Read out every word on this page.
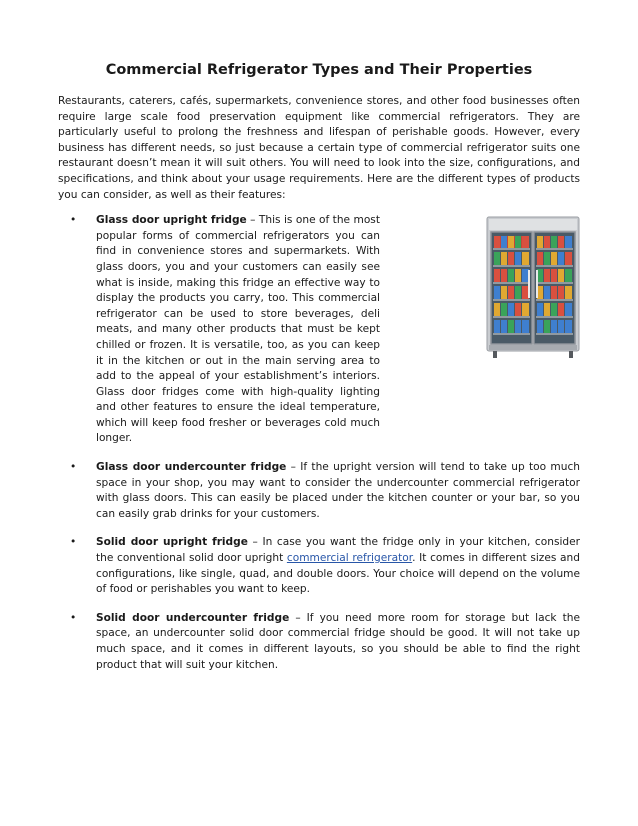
Commercial Refrigerator Types and Their Properties

Restaurants, caterers, cafés, supermarkets, convenience stores, and other food businesses often require large scale food preservation equipment like commercial refrigerators. They are particularly useful to prolong the freshness and lifespan of perishable goods. However, every business has different needs, so just because a certain type of commercial refrigerator suits one restaurant doesn’t mean it will suit others. You will need to look into the size, configurations, and specifications, and think about your usage requirements. Here are the different types of products you can consider, as well as their features:

• Glass door upright fridge – This is one of the most popular forms of commercial refrigerators you can find in convenience stores and supermarkets. With glass doors, you and your customers can easily see what is inside, making this fridge an effective way to display the products you carry, too. This commercial refrigerator can be used to store beverages, deli meats, and many other products that must be kept chilled or frozen. It is versatile, too, as you can keep it in the kitchen or out in the main serving area to add to the appeal of your establishment’s interiors. Glass door fridges come with high-quality lighting and other features to ensure the ideal temperature, which will keep food fresher or beverages cold much longer.
• Glass door undercounter fridge – If the upright version will tend to take up too much space in your shop, you may want to consider the undercounter commercial refrigerator with glass doors. This can easily be placed under the kitchen counter or your bar, so you can easily grab drinks for your customers.
• Solid door upright fridge – In case you want the fridge only in your kitchen, consider the conventional solid door upright commercial refrigerator. It comes in different sizes and configurations, like single, quad, and double doors. Your choice will depend on the volume of food or perishables you want to keep.
• Solid door undercounter fridge – If you need more room for storage but lack the space, an undercounter solid door commercial fridge should be good. It will not take up much space, and it comes in different layouts, so you should be able to find the right product that will suit your kitchen.
